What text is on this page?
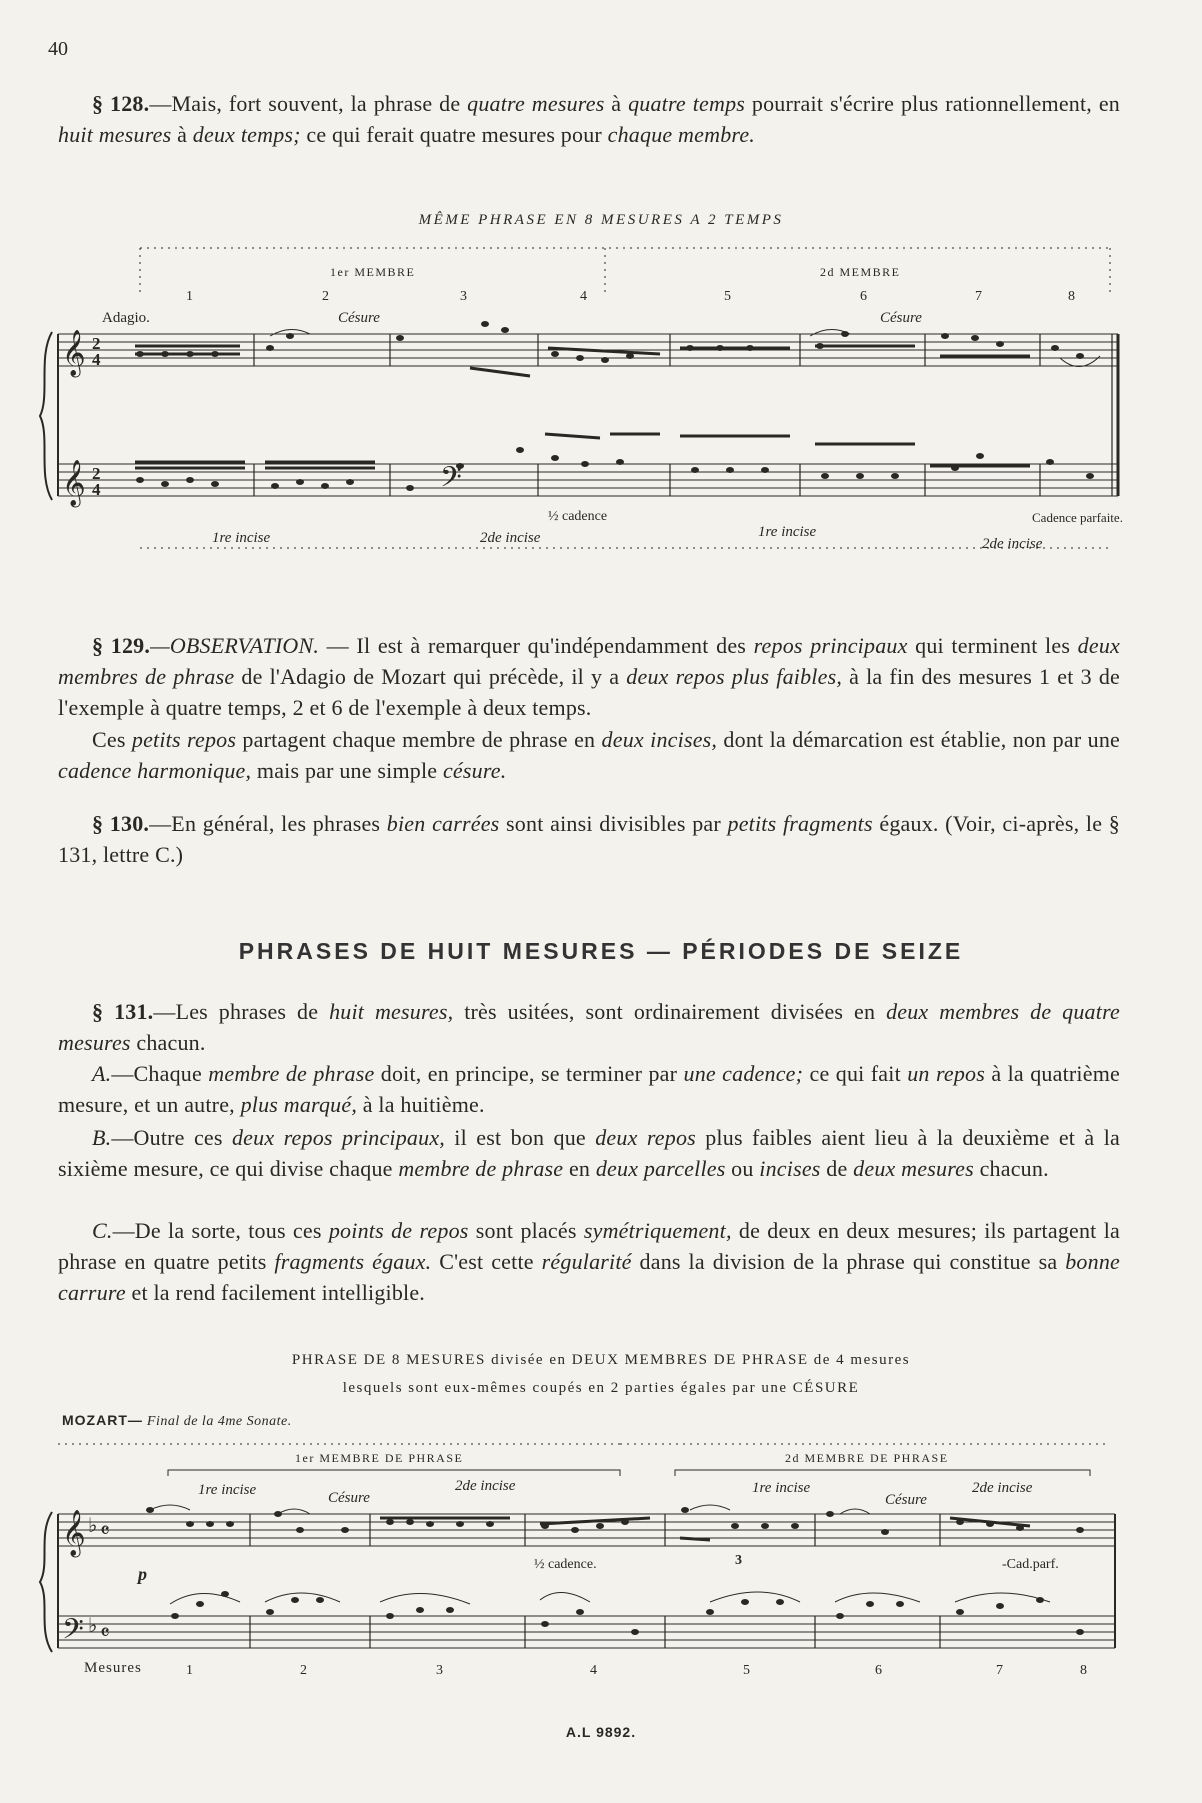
40
§ 128.—Mais, fort souvent, la phrase de quatre mesures à quatre temps pourrait s'écrire plus rationnellement, en huit mesures à deux temps; ce qui ferait quatre mesures pour chaque membre.
MÊME PHRASE EN 8 MESURES A 2 TEMPS
𝄞 2
4
𝄞 2
4	𝄢
1er MEMBRE	2d MEMBRE
1	2	3	4	5	6	7	8
Adagio.	Césure	Césure
1re incise	2de incise	1re incise
2de incise
½ cadence	Cadence parfaite.
§ 129.—OBSERVATION. — Il est à remarquer qu'indépendamment des repos principaux qui terminent les deux membres de phrase de l'Adagio de Mozart qui précède, il y a deux repos plus faibles, à la fin des mesures 1 et 3 de l'exemple à quatre temps, 2 et 6 de l'exemple à deux temps.
Ces petits repos partagent chaque membre de phrase en deux incises, dont la démarcation est établie, non par une cadence harmonique, mais par une simple césure.
§ 130.—En général, les phrases bien carrées sont ainsi divisibles par petits fragments égaux. (Voir, ci-après, le § 131, lettre C.)
PHRASES DE HUIT MESURES — PÉRIODES DE SEIZE
§ 131.—Les phrases de huit mesures, très usitées, sont ordinairement divisées en deux membres de quatre mesures chacun.
A.—Chaque membre de phrase doit, en principe, se terminer par une cadence; ce qui fait un repos à la quatrième mesure, et un autre, plus marqué, à la huitième.
B.—Outre ces deux repos principaux, il est bon que deux repos plus faibles aient lieu à la deuxième et à la sixième mesure, ce qui divise chaque membre de phrase en deux parcelles ou incises de deux mesures chacun.
C.—De la sorte, tous ces points de repos sont placés symétriquement, de deux en deux mesures; ils partagent la phrase en quatre petits fragments égaux. C'est cette régularité dans la division de la phrase qui constitue sa bonne carrure et la rend facilement intelligible.
PHRASE DE 8 MESURES divisée en DEUX MEMBRES DE PHRASE de 4 mesures
lesquels sont eux-mêmes coupés en 2 parties égales par une CÉSURE
MOZART— Final de la 4me Sonate.
𝄞 ♭ 𝄴
𝄢 ♭ 𝄴
1er MEMBRE DE PHRASE	2d MEMBRE DE PHRASE
1re incise	2de incise	1re incise	2de incise
Césure	Césure
p	½ cadence.	3	-Cad.parf.
Mesures	1	2	3	4	5	6	7	8
A.L 9892.
